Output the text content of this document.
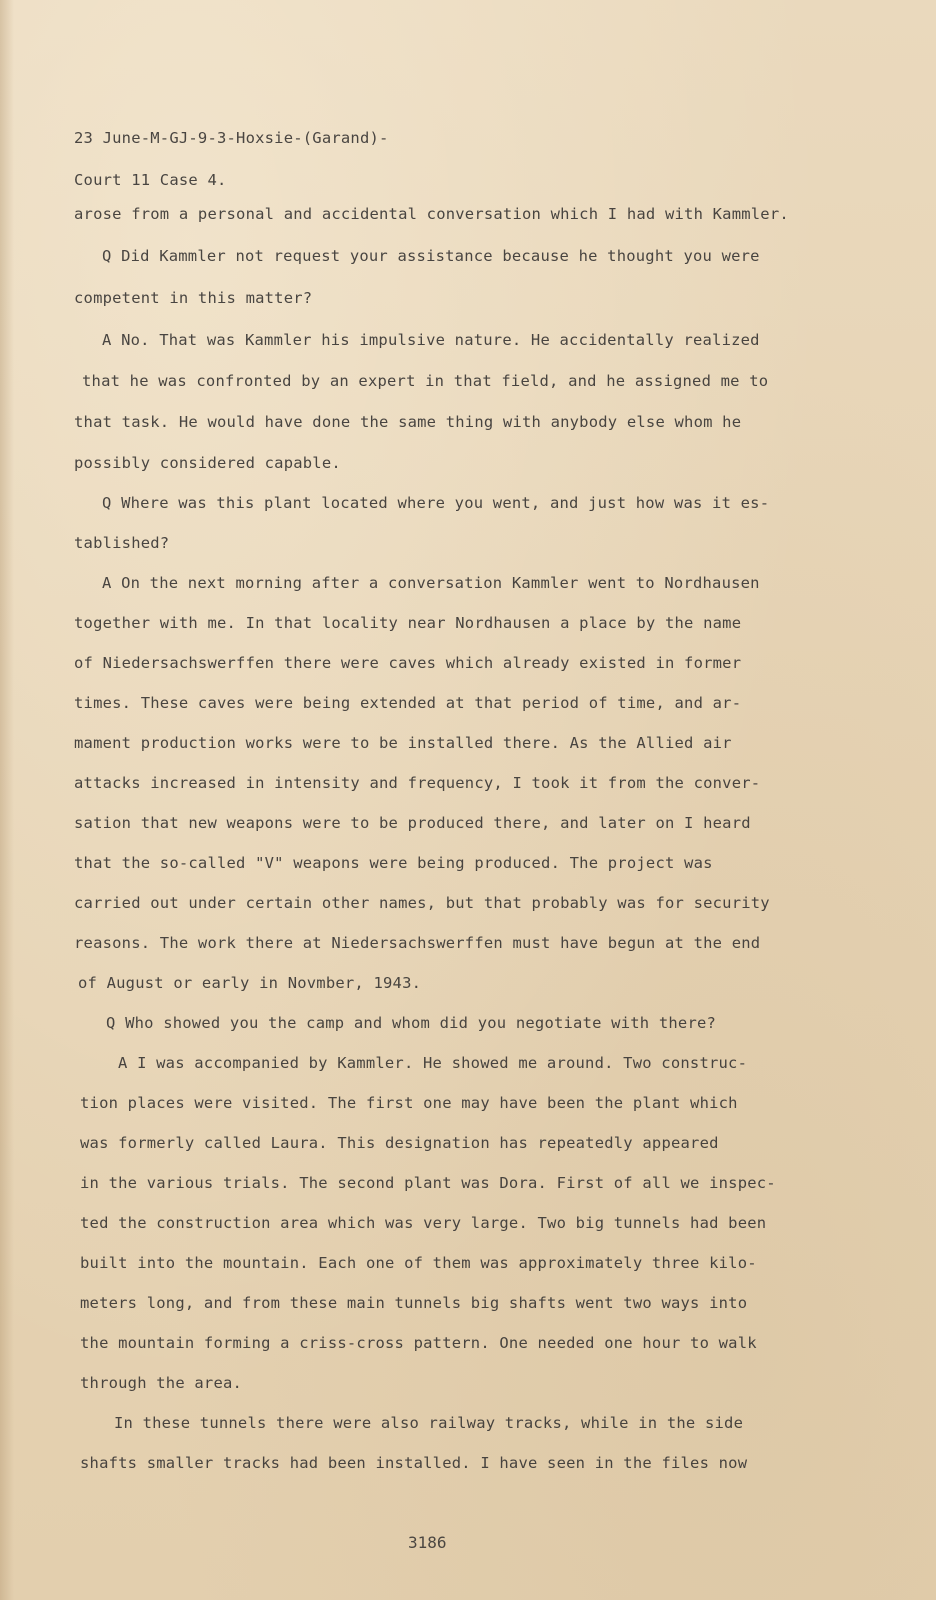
23 June-M-GJ-9-3-Hoxsie-(Garand)-
Court 11 Case 4.
arose from a personal and accidental conversation which I had with Kammler.
Q Did Kammler not request your assistance because he thought you were
competent in this matter?
A No. That was Kammler his impulsive nature. He accidentally realized
that he was confronted by an expert in that field, and he assigned me to
that task. He would have done the same thing with anybody else whom he
possibly considered capable.
Q Where was this plant located where you went, and just how was it es-
tablished?
A On the next morning after a conversation Kammler went to Nordhausen
together with me. In that locality near Nordhausen a place by the name
of Niedersachswerffen there were caves which already existed in former
times. These caves were being extended at that period of time, and ar-
mament production works were to be installed there. As the Allied air
attacks increased in intensity and frequency, I took it from the conver-
sation that new weapons were to be produced there, and later on I heard
that the so-called "V" weapons were being produced. The project was
carried out under certain other names, but that probably was for security
reasons. The work there at Niedersachswerffen must have begun at the end
of August or early in Novmber, 1943.
Q Who showed you the camp and whom did you negotiate with there?
A I was accompanied by Kammler. He showed me around. Two construc-
tion places were visited. The first one may have been the plant which
was formerly called Laura. This designation has repeatedly appeared
in the various trials. The second plant was Dora. First of all we inspec-
ted the construction area which was very large. Two big tunnels had been
built into the mountain. Each one of them was approximately three kilo-
meters long, and from these main tunnels big shafts went two ways into
the mountain forming a criss-cross pattern. One needed one hour to walk
through the area.
In these tunnels there were also railway tracks, while in the side
shafts smaller tracks had been installed. I have seen in the files now
3186
